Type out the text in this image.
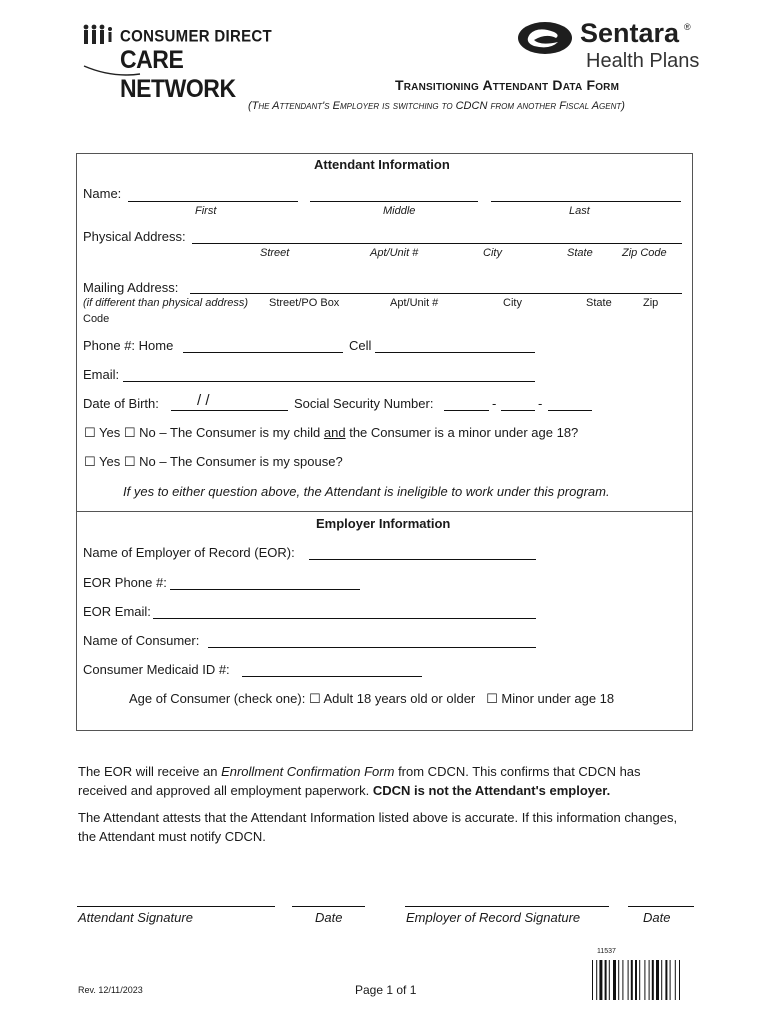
CONSUMER DIRECT
CARE NETWORK
Sentara ®
Health Plans
Transitioning Attendant Data Form
(The Attendant's Employer is switching to CDCN from another Fiscal Agent)
Attendant Information
Name:
First	Middle	Last
Physical Address:
Street	Apt/Unit #	City	State	Zip Code
Mailing Address:
(if different than physical address) Street/PO Box	Apt/Unit #	City	State	Zip
Code
Phone #: Home	Cell
Email:
Date of Birth:	/ /	Social Security Number:	-	-
☐ Yes ☐ No – The Consumer is my child and the Consumer is a minor under age 18?
☐ Yes ☐ No – The Consumer is my spouse?
If yes to either question above, the Attendant is ineligible to work under this program.
Employer Information
Name of Employer of Record (EOR):
EOR Phone #:
EOR Email:
Name of Consumer:
Consumer Medicaid ID #:
Age of Consumer (check one): ☐ Adult 18 years old or older ☐ Minor under age 18
The EOR will receive an Enrollment Confirmation Form from CDCN. This confirms that CDCN has received and approved all employment paperwork. CDCN is not the Attendant's employer.
The Attendant attests that the Attendant Information listed above is accurate. If this information changes, the Attendant must notify CDCN.
Attendant Signature	Date	Employer of Record Signature	Date
Rev. 12/11/2023	Page 1 of 1
11537
